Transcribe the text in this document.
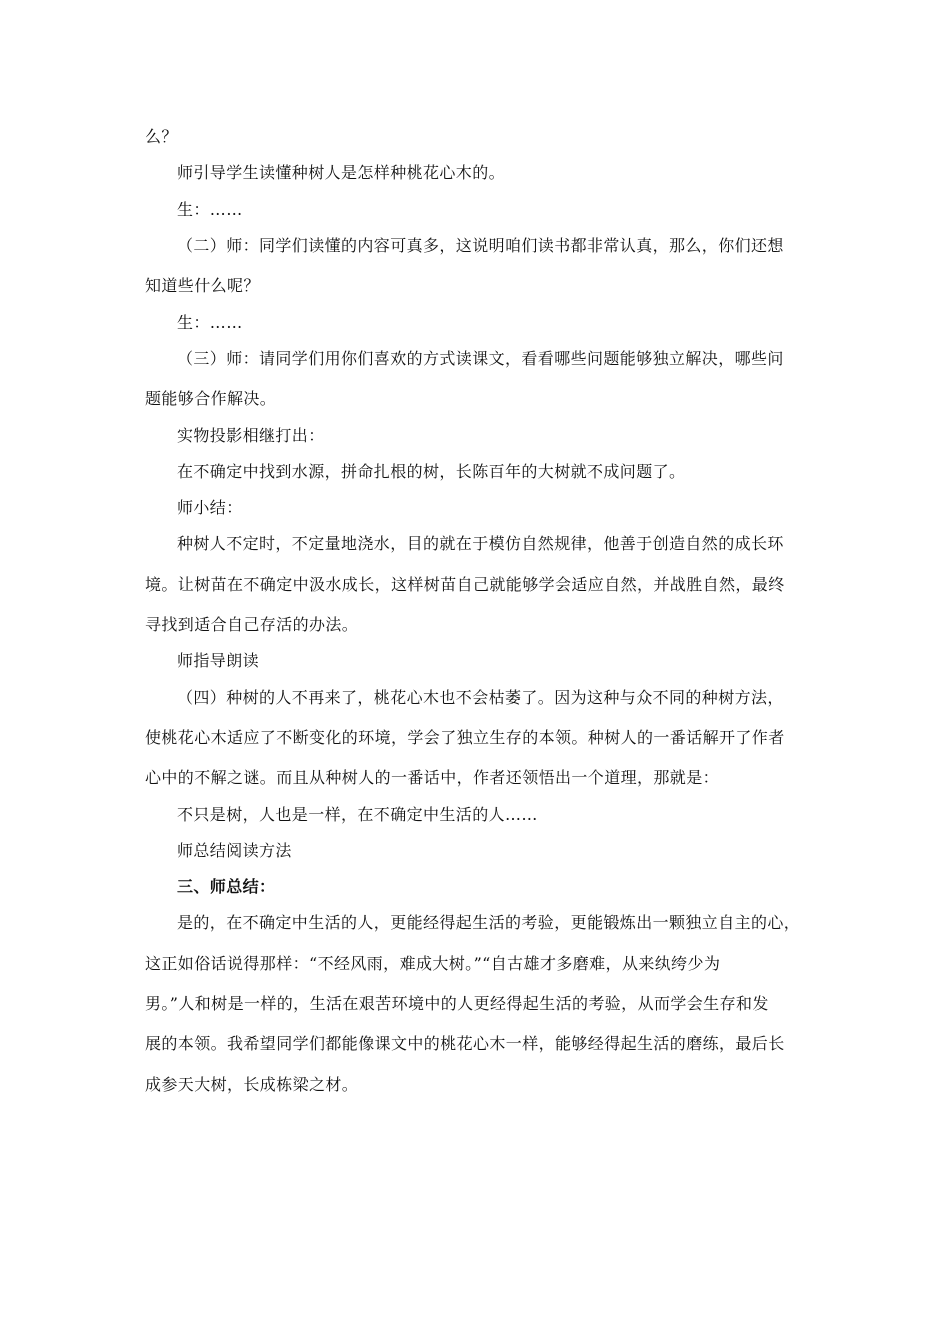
么？
师引导学生读懂种树人是怎样种桃花心木的。
生：……
（二）师：同学们读懂的内容可真多，这说明咱们读书都非常认真，那么，你们还想
知道些什么呢？
生：……
（三）师：请同学们用你们喜欢的方式读课文，看看哪些问题能够独立解决，哪些问
题能够合作解决。
实物投影相继打出：
在不确定中找到水源，拼命扎根的树，长陈百年的大树就不成问题了。
师小结：
种树人不定时，不定量地浇水，目的就在于模仿自然规律，他善于创造自然的成长环
境。让树苗在不确定中汲水成长，这样树苗自己就能够学会适应自然，并战胜自然，最终
寻找到适合自己存活的办法。
师指导朗读
（四）种树的人不再来了，桃花心木也不会枯萎了。因为这种与众不同的种树方法，
使桃花心木适应了不断变化的环境，学会了独立生存的本领。种树人的一番话解开了作者
心中的不解之谜。而且从种树人的一番话中，作者还领悟出一个道理，那就是：
不只是树，人也是一样，在不确定中生活的人……
师总结阅读方法
三、师总结：
是的，在不确定中生活的人，更能经得起生活的考验，更能锻炼出一颗独立自主的心，
这正如俗话说得那样：“不经风雨，难成大树。”“自古雄才多磨难，从来纨绔少为
男。”人和树是一样的，生活在艰苦环境中的人更经得起生活的考验，从而学会生存和发
展的本领。我希望同学们都能像课文中的桃花心木一样，能够经得起生活的磨练，最后长
成参天大树，长成栋梁之材。
